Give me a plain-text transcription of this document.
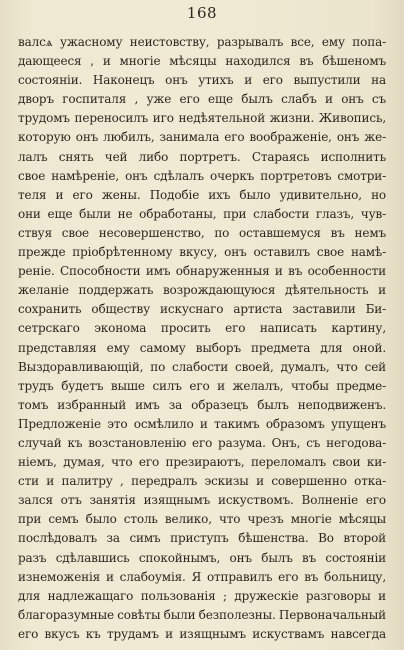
168
валсѧ ужасному неистовству, разрывалъ все, ему попа-
дающееся , и многiе мѣсяцы находился въ бѣшеномъ
состоянiи. Наконецъ онъ утихъ и его выпустили на
дворъ госпиталя , уже его еще былъ слабъ и онъ съ
трудомъ переносилъ иго недѣятельной жизни. Живопись,
которую онъ любилъ, занимала его воображенiе, онъ же-
лалъ снять чей либо портретъ. Стараясь исполнить
свое намѣренiе, онъ сдѣлалъ очеркъ портретовъ смотри-
теля и его жены. Подобiе ихъ было удивительно, но
они еще были не обработаны, при слабости глазъ, чув-
ствуя свое несовершенство, по оставшемуся въ немъ
прежде прiобрѣтенному вкусу, онъ оставилъ свое намѣ-
ренiе. Способности имъ обнаруженныя и въ особенности
желанiе поддержать возрождающуюся дѣятельность и
сохранить обществу искуснаго артиста заставили Би-
сетрскаго эконома просить его написать картину,
представляя ему самому выборъ предмета для оной.
Выздоравливающiй, по слабости своей, думалъ, что сей
трудъ будетъ выше силъ его и желалъ, чтобы предме-
томъ избранный имъ за образецъ былъ неподвиженъ.
Предложенiе это осмѣлило и такимъ образомъ упущенъ
случай къ возстановленiю его разума. Онъ, съ негодова-
нiемъ, думая, что его презираютъ, переломалъ свои ки-
сти и палитру , передралъ эскизы и совершенно отка-
зался отъ занятiя изящнымъ искуствомъ. Волненiе его
при семъ было столь велико, что чрезъ многiе мѣсяцы
послѣдовалъ за симъ приступъ бѣшенства. Во второй
разъ сдѣлавшись спокойнымъ, онъ былъ въ состоянiи
изнеможенiя и слабоумiя. Я отправилъ его въ больницу,
для надлежащаго пользованiя ; дружескiе разговоры и
благоразумные совѣты были безполезны. Первоначальный
его вкусъ къ трудамъ и изящнымъ искуствамъ навсегда
